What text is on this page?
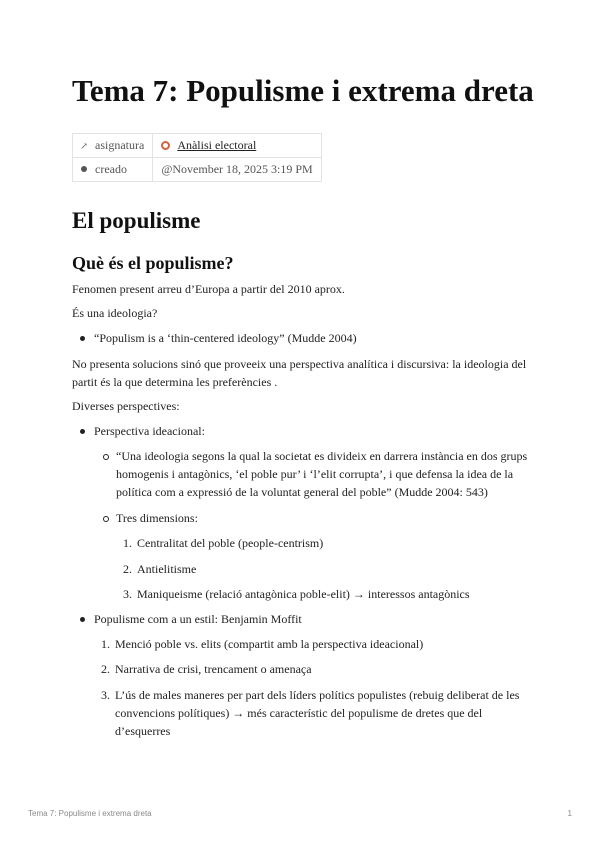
Tema 7: Populisme i extrema dreta
↗ asignatura	Anàlisi electoral
creado	@November 18, 2025 3:19 PM
El populisme
Què és el populisme?

Fenomen present arreu d’Europa a partir del 2010 aprox.

És una ideologia?

“Populism is a ‘thin-centered ideology” (Mudde 2004)

No presenta solucions sinó que proveeix una perspectiva analítica i discursiva: la ideologia del partit és la que determina les preferències .

Diverses perspectives:

Perspectiva ideacional:
“Una ideologia segons la qual la societat es divideix en darrera instància en dos grups homogenis i antagònics, ‘el poble pur’ i ‘l’elit corrupta’, i que defensa la idea de la política com a expressió de la voluntat general del poble” (Mudde 2004: 543)
Tres dimensions:
1. Centralitat del poble (people-centrism)
2. Antielitisme
3. Maniqueisme (relació antagònica poble-elit) → interessos antagònics
Populisme com a un estil: Benjamin Moffit
1. Menció poble vs. elits (compartit amb la perspectiva ideacional)
2. Narrativa de crisi, trencament o amenaça
3. L’ús de males maneres per part dels líders polítics populistes (rebuig deliberat de les convencions polítiques) → més característic del populisme de dretes que del d’esquerres
Tema 7: Populisme i extrema dreta	1
